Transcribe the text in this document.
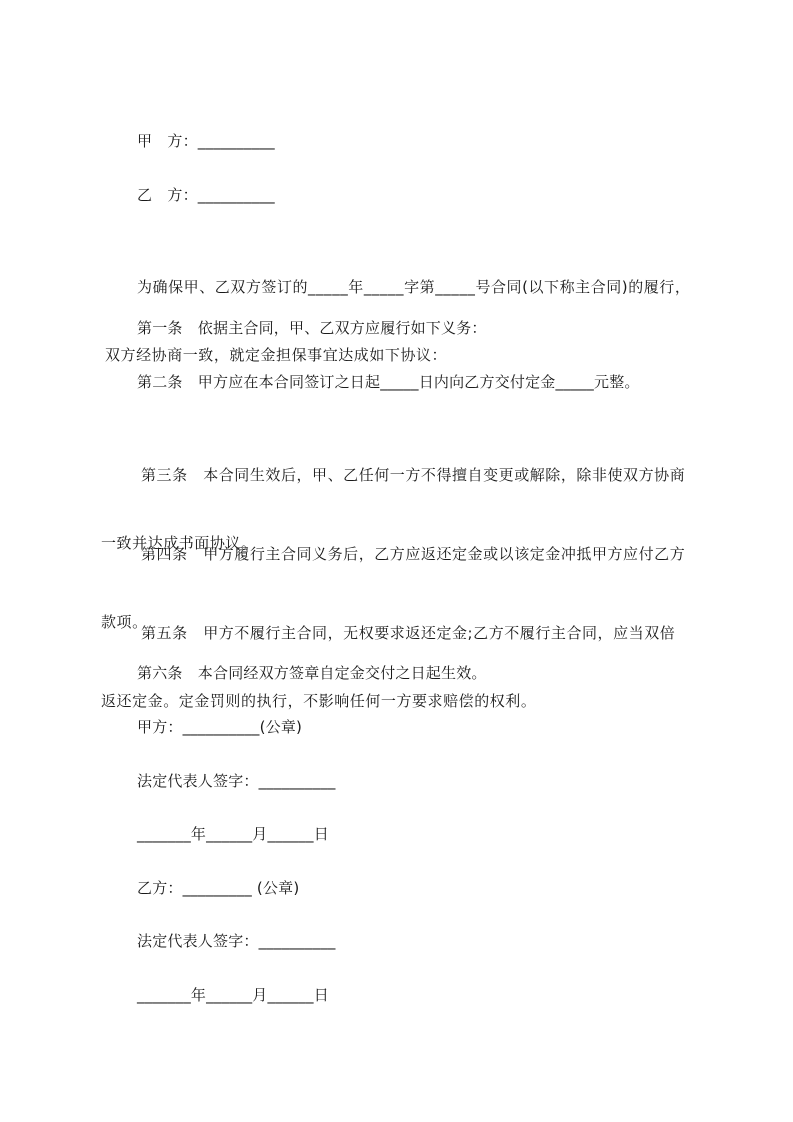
甲　方：__________
乙　方：__________

为确保甲、乙双方签订的_____年_____字第_____号合同(以下称主合同)的履行，

双方经协商一致，就定金担保事宜达成如下协议：

第一条　依据主合同，甲、乙双方应履行如下义务：
第二条　甲方应在本合同签订之日起_____日内向乙方交付定金_____元整。

第三条　本合同生效后，甲、乙任何一方不得擅自变更或解除，除非使双方协商

一致并达成书面协议。

第四条　甲方履行主合同义务后，乙方应返还定金或以该定金冲抵甲方应付乙方

款项。

第五条　甲方不履行主合同，无权要求返还定金;乙方不履行主合同，应当双倍

返还定金。定金罚则的执行，不影响任何一方要求赔偿的权利。

第六条　本合同经双方签章自定金交付之日起生效。
甲方：__________(公章)
法定代表人签字：__________
_______年______月______日
乙方：_________ (公章)
法定代表人签字：__________
_______年______月______日
